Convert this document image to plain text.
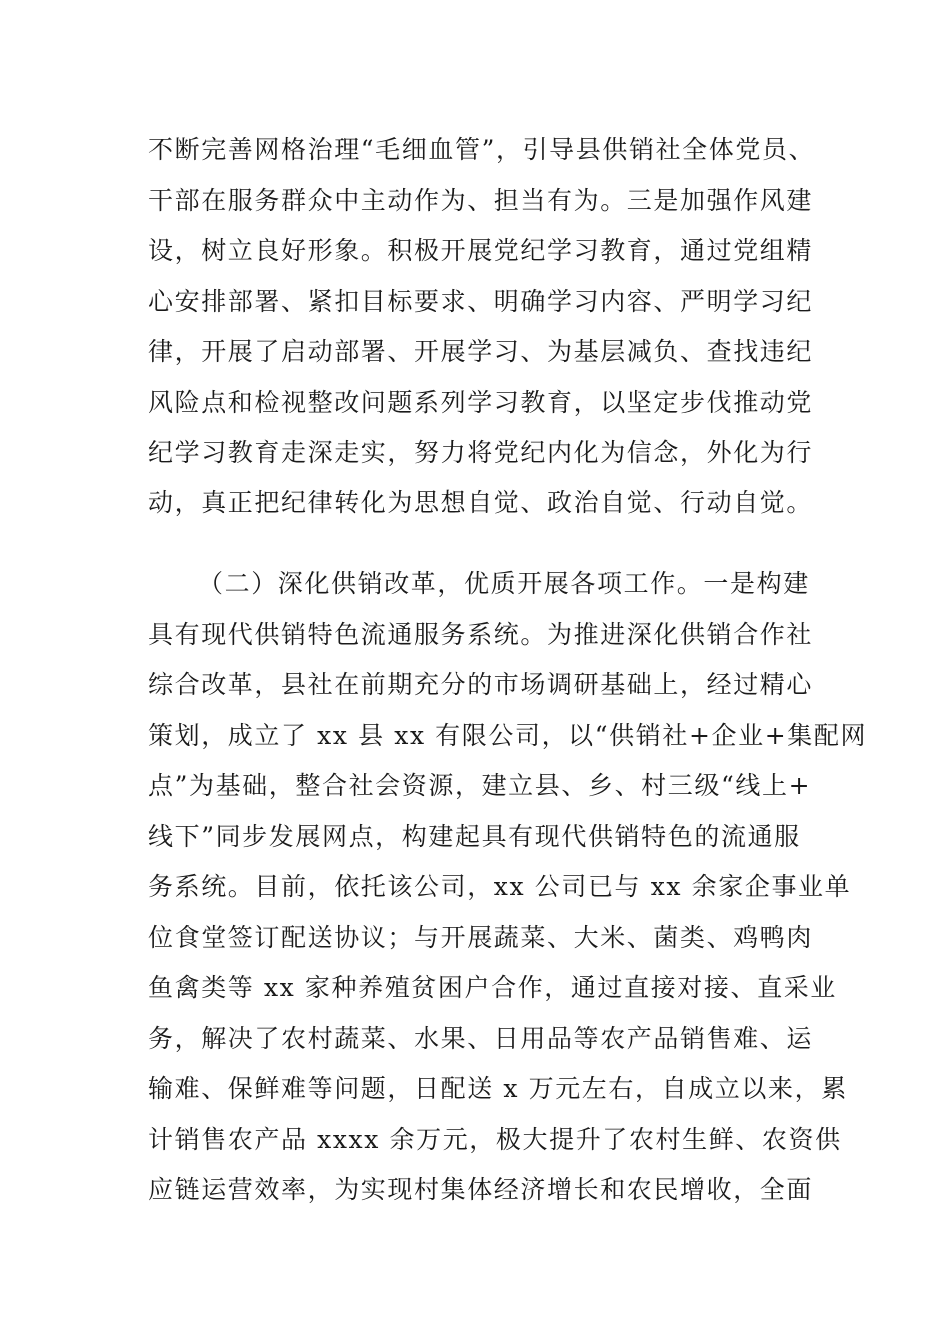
不断完善网格治理“毛细血管”，引导县供销社全体党员、
干部在服务群众中主动作为、担当有为。三是加强作风建
设，树立良好形象。积极开展党纪学习教育，通过党组精
心安排部署、紧扣目标要求、明确学习内容、严明学习纪
律，开展了启动部署、开展学习、为基层减负、查找违纪
风险点和检视整改问题系列学习教育，以坚定步伐推动党
纪学习教育走深走实，努力将党纪内化为信念，外化为行
动，真正把纪律转化为思想自觉、政治自觉、行动自觉。
（二）深化供销改革，优质开展各项工作。一是构建
具有现代供销特色流通服务系统。为推进深化供销合作社
综合改革，县社在前期充分的市场调研基础上，经过精心
策划，成立了 xx 县 xx 有限公司，以“供销社+企业+集配网
点”为基础，整合社会资源，建立县、乡、村三级“线上+
线下”同步发展网点，构建起具有现代供销特色的流通服
务系统。目前，依托该公司，xx 公司已与 xx 余家企事业单
位食堂签订配送协议；与开展蔬菜、大米、菌类、鸡鸭肉
鱼禽类等 xx 家种养殖贫困户合作，通过直接对接、直采业
务，解决了农村蔬菜、水果、日用品等农产品销售难、运
输难、保鲜难等问题，日配送 x 万元左右，自成立以来，累
计销售农产品 xxxx 余万元，极大提升了农村生鲜、农资供
应链运营效率，为实现村集体经济增长和农民增收，全面
